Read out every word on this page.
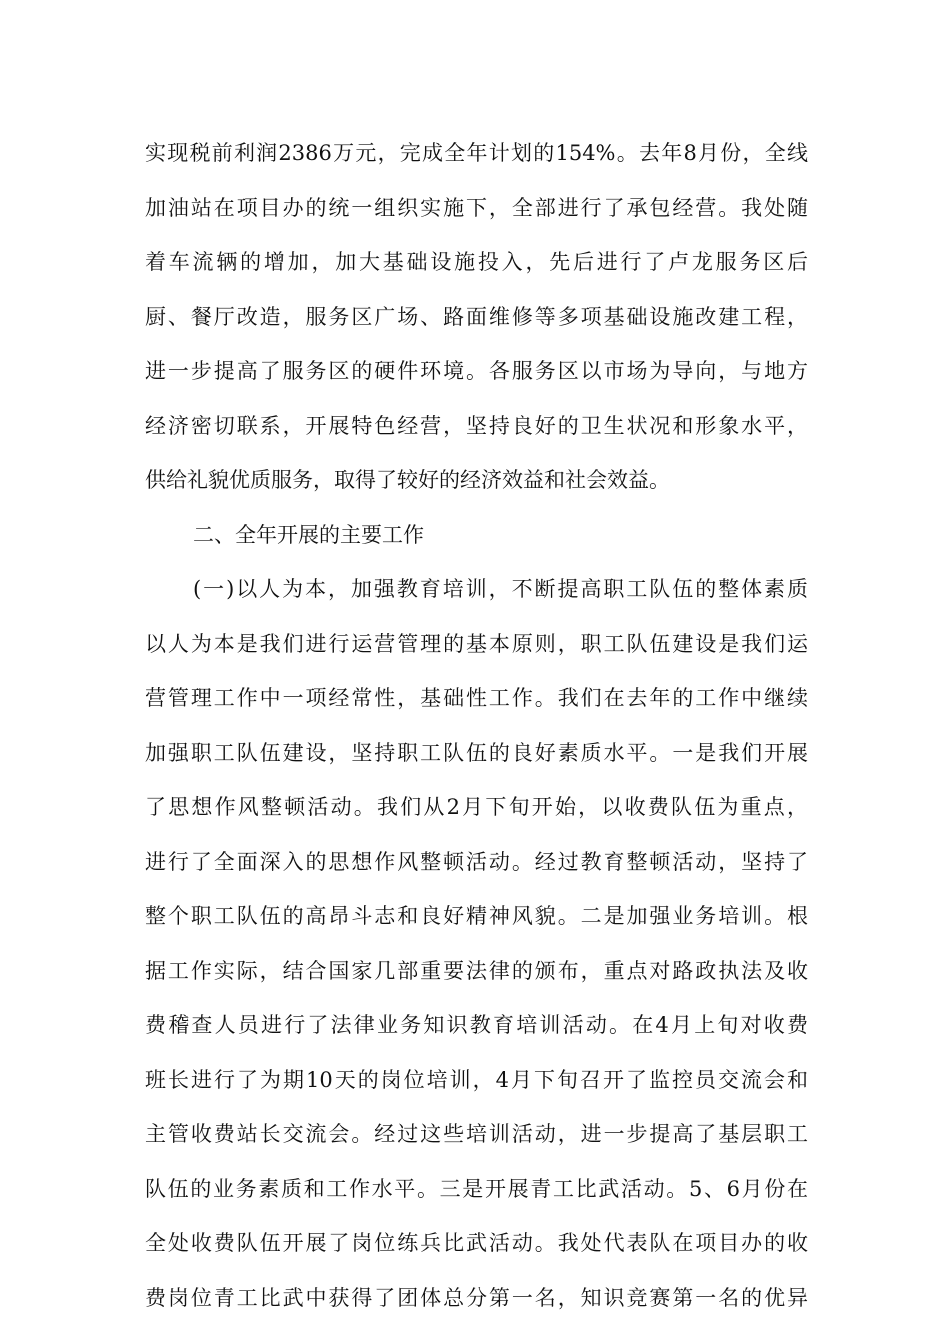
实现税前利润2386万元，完成全年计划的154%。去年8月份，全线
加油站在项目办的统一组织实施下，全部进行了承包经营。我处随
着车流辆的增加，加大基础设施投入，先后进行了卢龙服务区后
厨、餐厅改造，服务区广场、路面维修等多项基础设施改建工程，
进一步提高了服务区的硬件环境。各服务区以市场为导向，与地方
经济密切联系，开展特色经营，坚持良好的卫生状况和形象水平，
供给礼貌优质服务，取得了较好的经济效益和社会效益。
二、全年开展的主要工作
(一)以人为本，加强教育培训，不断提高职工队伍的整体素质
以人为本是我们进行运营管理的基本原则，职工队伍建设是我们运
营管理工作中一项经常性，基础性工作。我们在去年的工作中继续
加强职工队伍建设，坚持职工队伍的良好素质水平。一是我们开展
了思想作风整顿活动。我们从2月下旬开始，以收费队伍为重点，
进行了全面深入的思想作风整顿活动。经过教育整顿活动，坚持了
整个职工队伍的高昂斗志和良好精神风貌。二是加强业务培训。根
据工作实际，结合国家几部重要法律的颁布，重点对路政执法及收
费稽查人员进行了法律业务知识教育培训活动。在4月上旬对收费
班长进行了为期10天的岗位培训，4月下旬召开了监控员交流会和
主管收费站长交流会。经过这些培训活动，进一步提高了基层职工
队伍的业务素质和工作水平。三是开展青工比武活动。5、6月份在
全处收费队伍开展了岗位练兵比武活动。我处代表队在项目办的收
费岗位青工比武中获得了团体总分第一名，知识竞赛第一名的优异
